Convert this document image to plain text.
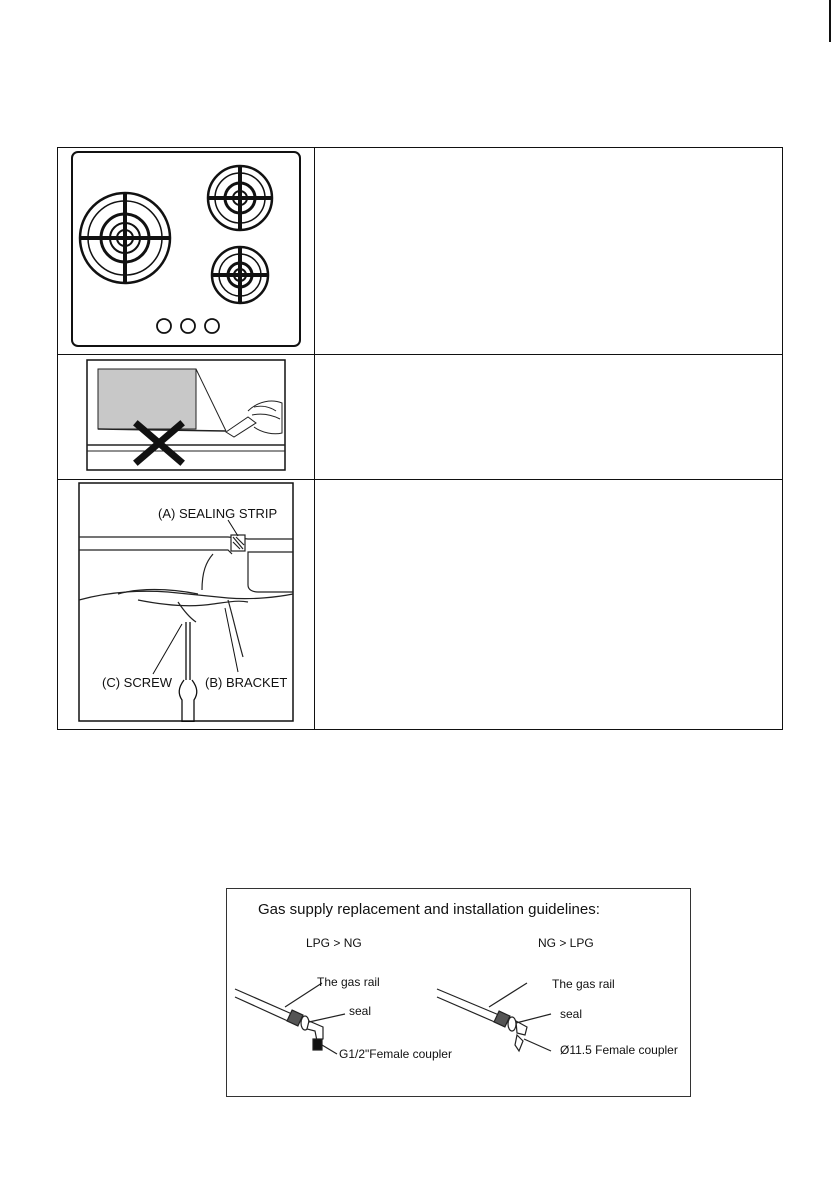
(A) SEALING STRIP
(C) SCREW (B) BRACKET	

Gas supply replacement and installation guidelines:
LPG > NG	NG > LPG
The gas rail
seal
G1/2"Female coupler
The gas rail
seal
Ø11.5 Female coupler
